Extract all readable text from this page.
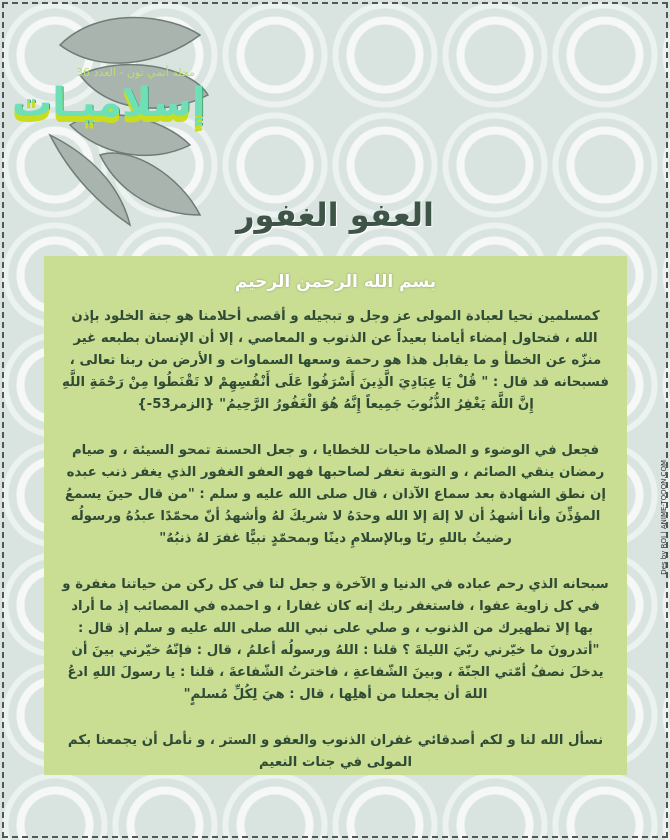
مجلة أنمي تون - العدد 36
إسلاميـات
العفو الغفور
بسم الله الرحمن الرحيم

كمسلمين نحيا لعبادة المولى عز وجل و تبجيله و أقصى أحلامنا هو جنة الخلود بإذن الله ، فنحاول إمضاء أيامنا بعيداً عن الذنوب و المعاصي ، إلا أن الإنسان بطبعه غير منزّه عن الخطأ و ما يقابل هذا هو رحمة وسعها السماوات و الأرض من ربنا تعالى ، فسبحانه قد قال : " قُلْ يَا عِبَادِيَ الَّذِينَ أَسْرَفُوا عَلَى أَنْفُسِهِمْ لا تَقْنَطُوا مِنْ رَحْمَةِ اللَّهِ إِنَّ اللَّهَ يَغْفِرُ الذُّنُوبَ جَمِيعاً إِنَّهُ هُوَ الْغَفُورُ الرَّحِيمُ" {الزمر53-}

فجعل في الوضوء و الصلاة ماحيات للخطايا ، و جعل الحسنة تمحو السيئة ، و صيام رمضان ينقي الصائم ، و التوبة تغفر لصاحبها فهو العفو الغفور الذي يغفر ذنب عبده إن نطق الشهادة بعد سماع الآذان ، قال صلى الله عليه و سلم : "من قال حينَ يسمعُ المؤذِّنَ وأنا أشهدُ أن لا إلهَ إلا الله وحدَهُ لا شريكَ لهُ وأشهدُ أنّ محمّدًا عبدُهُ ورسولُه رضيتُ باللهِ ربًا وبالإسلامِ دينًا وبمحمّدٍ نبيًّا غفرَ لهُ ذنبُهُ"

سبحانه الذي رحم عباده في الدنيا و الآخرة و جعل لنا في كل ركن من حياتنا مغفرة و في كل زاوية عفوا ، فاستغفر ربك إنه كان غفارا ، و احمده في المصائب إذ ما أراد بها إلا تطهيرك من الذنوب ، و صلي على نبي الله صلى الله عليه و سلم إذ قال : "أتدرونَ ما خيّرني ربّيَ الليلةَ ؟ قلنا : اللهُ ورسولُه أعلمُ ، قال : فإنّهُ خيّرني بينَ أن يدخلَ نصفُ أمّتي الجنّةَ ، وبينَ الشّفاعةِ ، فاخترتُ الشّفاعةَ ، قلنا : يا رسولَ اللهِ ادعُ اللهَ أن يجعلنا من أهلِها ، قال : هيَ لِكُلِّ مُسلمٍ"

نسأل الله لنا و لكم أصدقائي غفران الذنوب والعفو و الستر ، و نأمل أن يجمعنا بكم المولى في جنات النعيم

Des by ROI | ANIME-TOOON.COM
